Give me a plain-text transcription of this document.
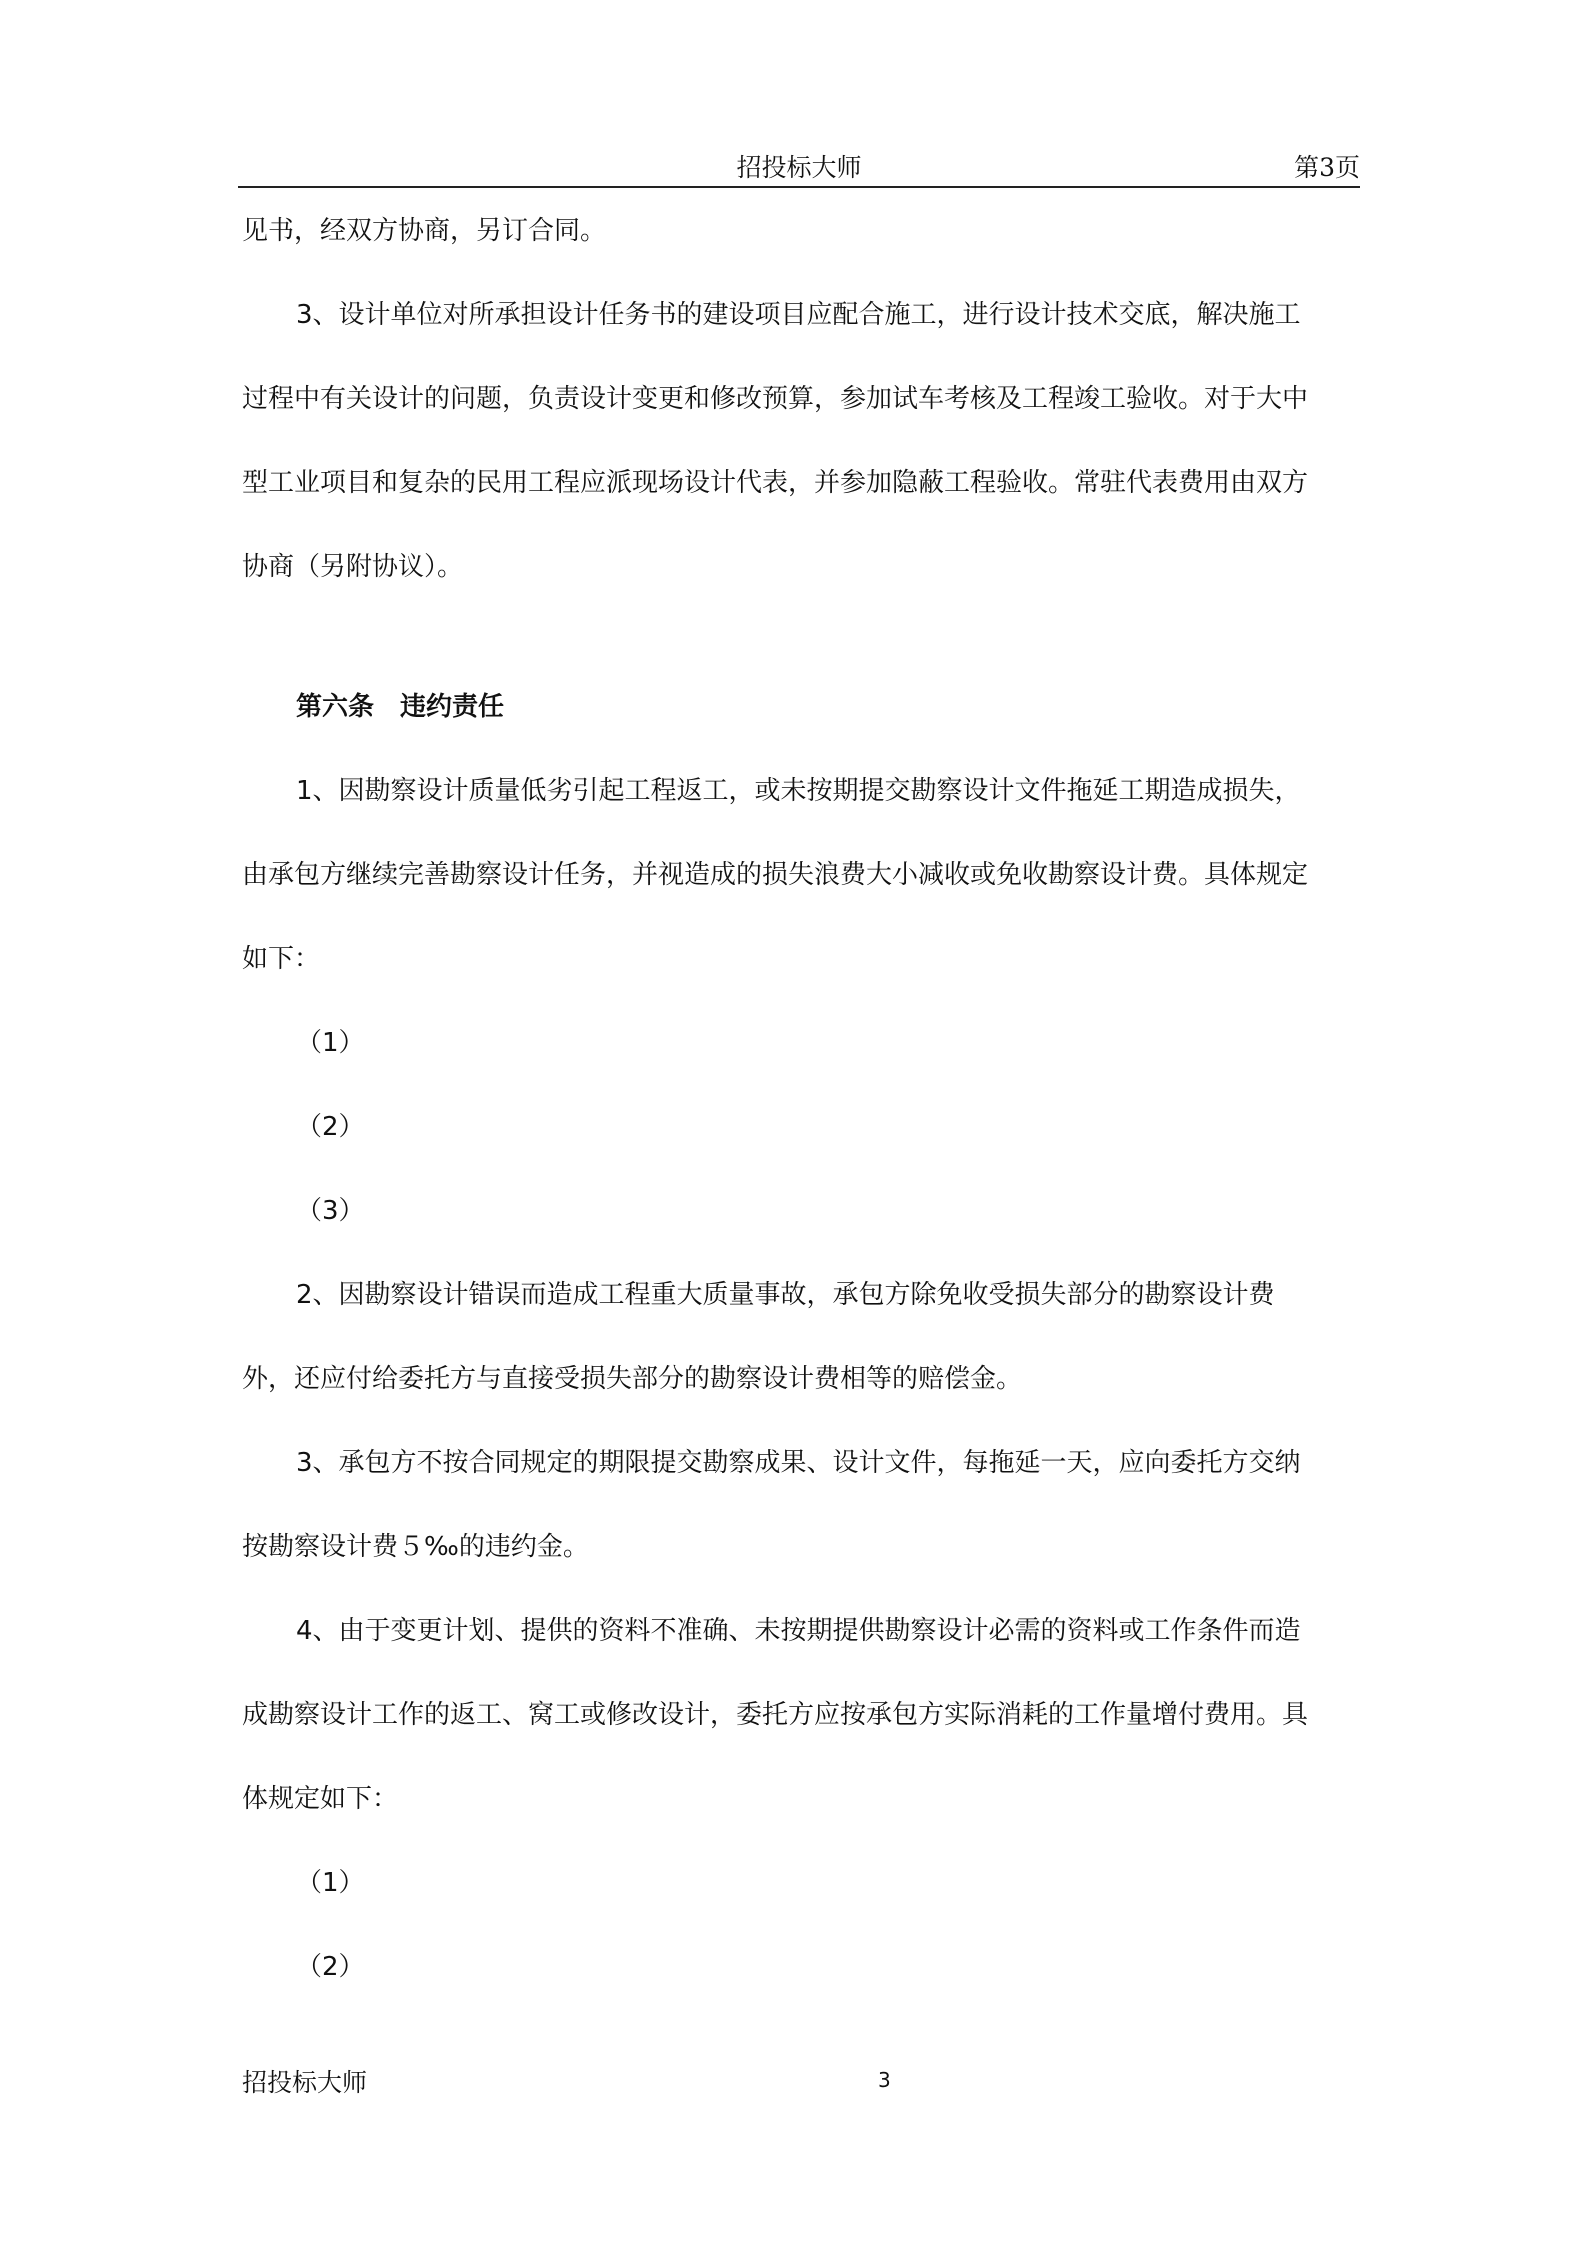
招投标大师	第3页
见书，经双方协商，另订合同。
3、设计单位对所承担设计任务书的建设项目应配合施工，进行设计技术交底，解决施工
过程中有关设计的问题，负责设计变更和修改预算，参加试车考核及工程竣工验收。对于大中
型工业项目和复杂的民用工程应派现场设计代表，并参加隐蔽工程验收。常驻代表费用由双方
协商（另附协议）。
第六条　违约责任
1、因勘察设计质量低劣引起工程返工，或未按期提交勘察设计文件拖延工期造成损失，
由承包方继续完善勘察设计任务，并视造成的损失浪费大小减收或免收勘察设计费。具体规定
如下：
（1）
（2）
（3）
2、因勘察设计错误而造成工程重大质量事故，承包方除免收受损失部分的勘察设计费
外，还应付给委托方与直接受损失部分的勘察设计费相等的赔偿金。
3、承包方不按合同规定的期限提交勘察成果、设计文件，每拖延一天，应向委托方交纳
按勘察设计费５‰的违约金。
4、由于变更计划、提供的资料不准确、未按期提供勘察设计必需的资料或工作条件而造
成勘察设计工作的返工、窝工或修改设计，委托方应按承包方实际消耗的工作量增付费用。具
体规定如下：
（1）
（2）
招投标大师	3
